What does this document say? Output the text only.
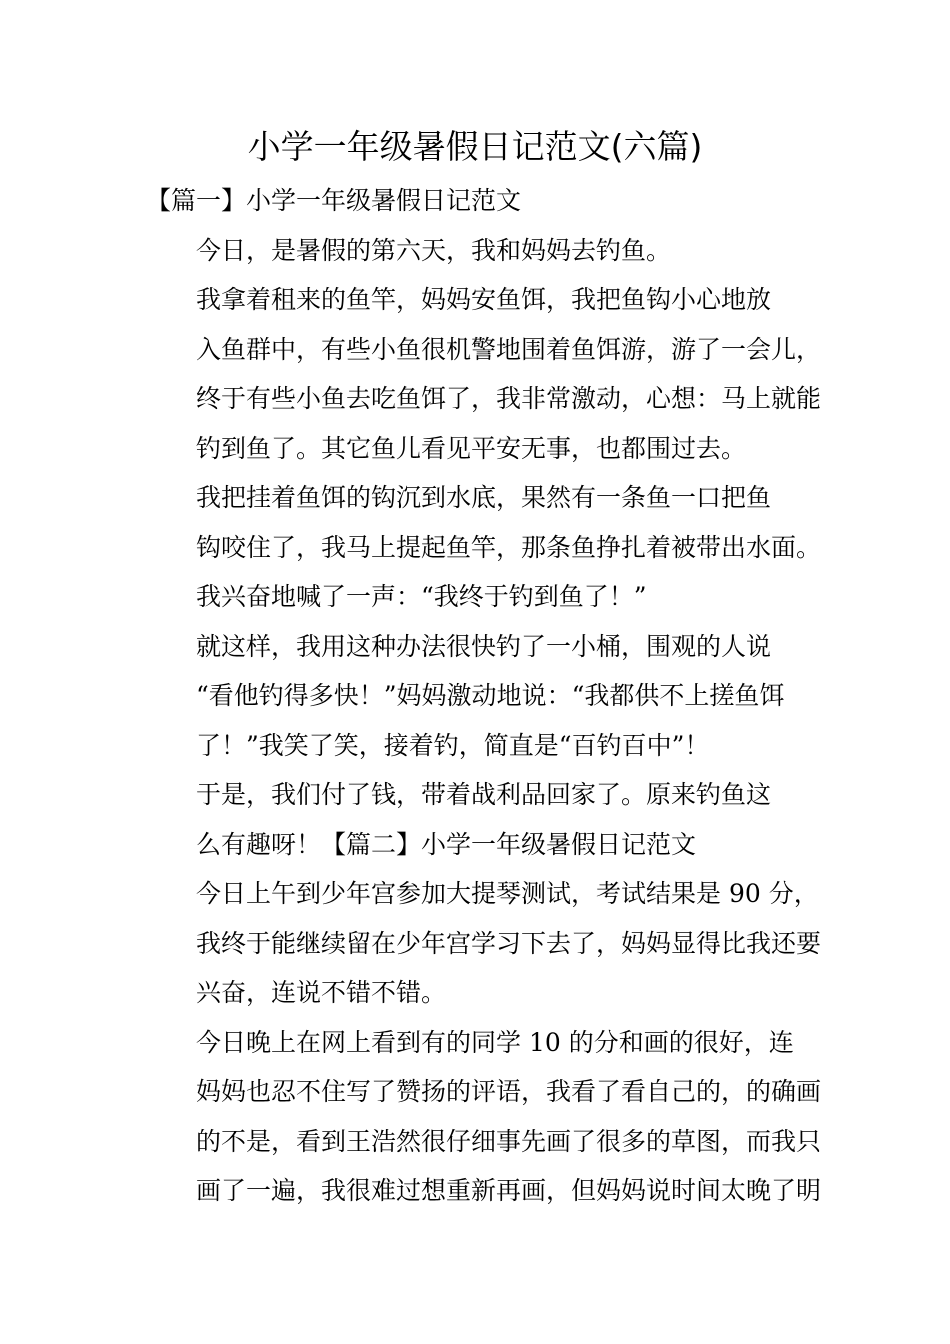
小学一年级暑假日记范文(六篇)

【篇一】小学一年级暑假日记范文

今日，是暑假的第六天，我和妈妈去钓鱼。

我拿着租来的鱼竿，妈妈安鱼饵，我把鱼钩小心地放
入鱼群中，有些小鱼很机警地围着鱼饵游，游了一会儿，
终于有些小鱼去吃鱼饵了，我非常激动，心想：马上就能
钓到鱼了。其它鱼儿看见平安无事，也都围过去。

我把挂着鱼饵的钩沉到水底，果然有一条鱼一口把鱼
钩咬住了，我马上提起鱼竿，那条鱼挣扎着被带出水面。
我兴奋地喊了一声：“我终于钓到鱼了！”

就这样，我用这种办法很快钓了一小桶，围观的人说
“看他钓得多快！”妈妈激动地说：“我都供不上搓鱼饵
了！”我笑了笑，接着钓，简直是“百钓百中”！

于是，我们付了钱，带着战利品回家了。原来钓鱼这
么有趣呀！【篇二】小学一年级暑假日记范文

今日上午到少年宫参加大提琴测试，考试结果是 90 分，
我终于能继续留在少年宫学习下去了，妈妈显得比我还要
兴奋，连说不错不错。

今日晚上在网上看到有的同学 10 的分和画的很好，连
妈妈也忍不住写了赞扬的评语，我看了看自己的，的确画
的不是，看到王浩然很仔细事先画了很多的草图，而我只
画了一遍，我很难过想重新再画，但妈妈说时间太晚了明
